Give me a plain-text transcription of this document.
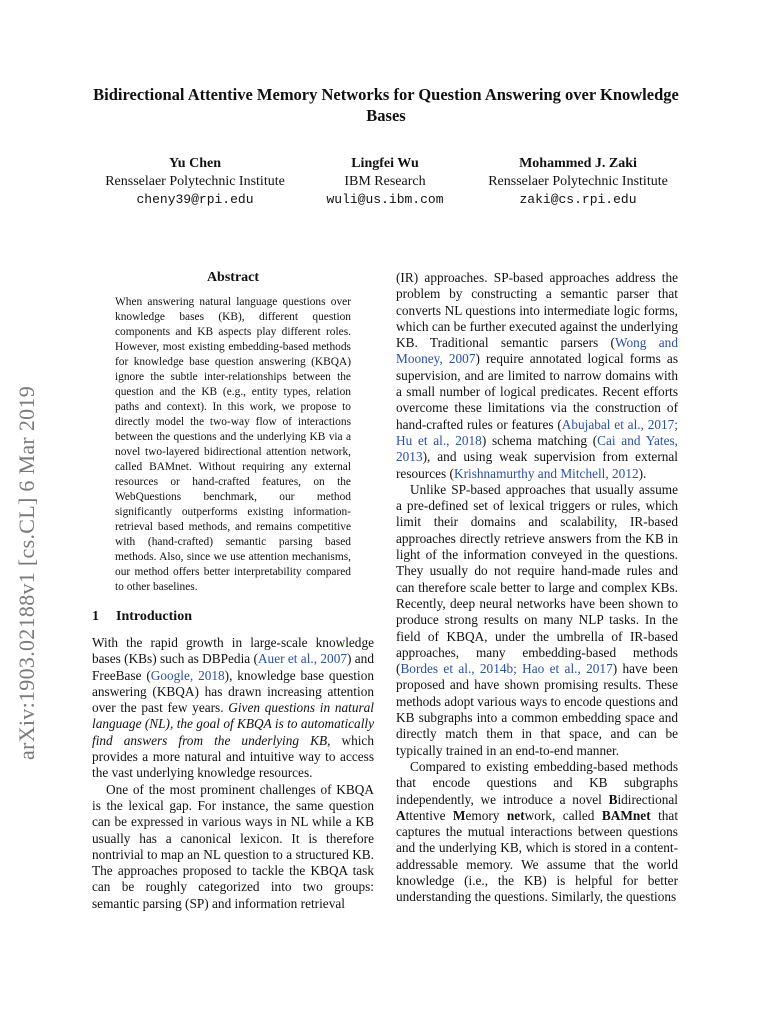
arXiv:1903.02188v1 [cs.CL] 6 Mar 2019
Bidirectional Attentive Memory Networks for Question Answering over Knowledge Bases
Yu Chen
Rensselaer Polytechnic Institute
cheny39@rpi.edu
Lingfei Wu
IBM Research
wuli@us.ibm.com
Mohammed J. Zaki
Rensselaer Polytechnic Institute
zaki@cs.rpi.edu
Abstract
When answering natural language questions over knowledge bases (KB), different question components and KB aspects play different roles. However, most existing embedding-based methods for knowledge base question answering (KBQA) ignore the subtle inter-relationships between the question and the KB (e.g., entity types, relation paths and context). In this work, we propose to directly model the two-way flow of interactions between the questions and the underlying KB via a novel two-layered bidirectional attention network, called BAMnet. Without requiring any external resources or hand-crafted features, on the WebQuestions benchmark, our method significantly outperforms existing information-retrieval based methods, and remains competitive with (hand-crafted) semantic parsing based methods. Also, since we use attention mechanisms, our method offers better interpretability compared to other baselines.
1 Introduction

With the rapid growth in large-scale knowledge bases (KBs) such as DBPedia (Auer et al., 2007) and FreeBase (Google, 2018), knowledge base question answering (KBQA) has drawn increasing attention over the past few years. Given questions in natural language (NL), the goal of KBQA is to automatically find answers from the underlying KB, which provides a more natural and intuitive way to access the vast underlying knowledge resources.

One of the most prominent challenges of KBQA is the lexical gap. For instance, the same question can be expressed in various ways in NL while a KB usually has a canonical lexicon. It is therefore nontrivial to map an NL question to a structured KB. The approaches proposed to tackle the KBQA task can be roughly categorized into two groups: semantic parsing (SP) and information retrieval

(IR) approaches. SP-based approaches address the problem by constructing a semantic parser that converts NL questions into intermediate logic forms, which can be further executed against the underlying KB. Traditional semantic parsers (Wong and Mooney, 2007) require annotated logical forms as supervision, and are limited to narrow domains with a small number of logical predicates. Recent efforts overcome these limitations via the construction of hand-crafted rules or features (Abujabal et al., 2017; Hu et al., 2018) schema matching (Cai and Yates, 2013), and using weak supervision from external resources (Krishnamurthy and Mitchell, 2012).

Unlike SP-based approaches that usually assume a pre-defined set of lexical triggers or rules, which limit their domains and scalability, IR-based approaches directly retrieve answers from the KB in light of the information conveyed in the questions. They usually do not require hand-made rules and can therefore scale better to large and complex KBs. Recently, deep neural networks have been shown to produce strong results on many NLP tasks. In the field of KBQA, under the umbrella of IR-based approaches, many embedding-based methods (Bordes et al., 2014b; Hao et al., 2017) have been proposed and have shown promising results. These methods adopt various ways to encode questions and KB subgraphs into a common embedding space and directly match them in that space, and can be typically trained in an end-to-end manner.

Compared to existing embedding-based methods that encode questions and KB subgraphs independently, we introduce a novel Bidirectional Attentive Memory network, called BAMnet that captures the mutual interactions between questions and the underlying KB, which is stored in a content-addressable memory. We assume that the world knowledge (i.e., the KB) is helpful for better understanding the questions. Similarly, the questions
